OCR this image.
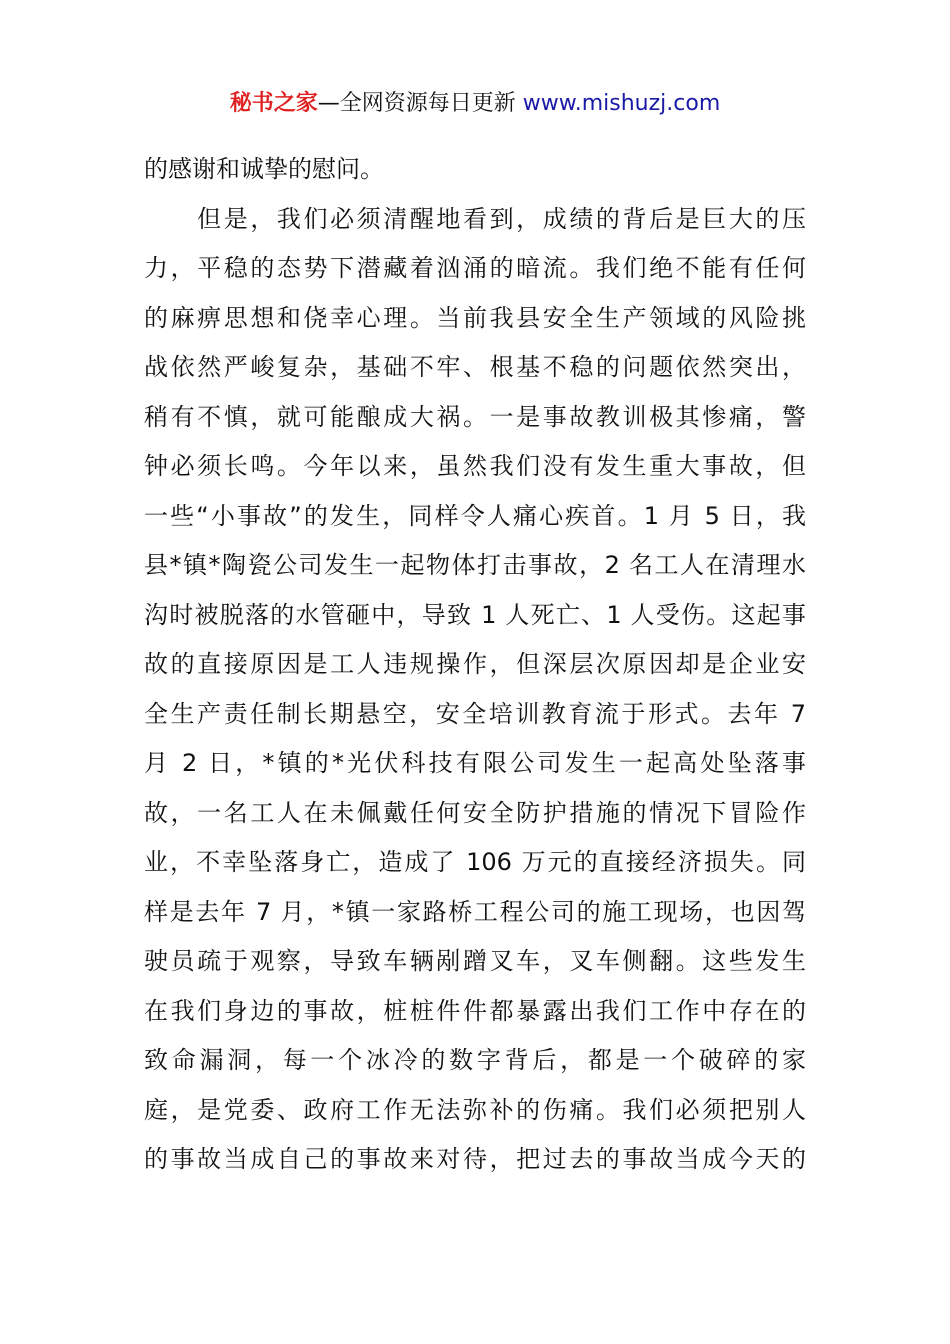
秘书之家—全网资源每日更新 www.mishuzj.com
的感谢和诚挚的慰问。
　　但是，我们必须清醒地看到，成绩的背后是巨大的压
力，平稳的态势下潜藏着汹涌的暗流。我们绝不能有任何
的麻痹思想和侥幸心理。当前我县安全生产领域的风险挑
战依然严峻复杂，基础不牢、根基不稳的问题依然突出，
稍有不慎，就可能酿成大祸。一是事故教训极其惨痛，警
钟必须长鸣。今年以来，虽然我们没有发生重大事故，但
一些“小事故”的发生，同样令人痛心疾首。1 月 5 日，我
县*镇*陶瓷公司发生一起物体打击事故，2 名工人在清理水
沟时被脱落的水管砸中，导致 1 人死亡、1 人受伤。这起事
故的直接原因是工人违规操作，但深层次原因却是企业安
全生产责任制长期悬空，安全培训教育流于形式。去年 7
月 2 日，*镇的*光伏科技有限公司发生一起高处坠落事
故，一名工人在未佩戴任何安全防护措施的情况下冒险作
业，不幸坠落身亡，造成了 106 万元的直接经济损失。同
样是去年 7 月，*镇一家路桥工程公司的施工现场，也因驾
驶员疏于观察，导致车辆剐蹭叉车，叉车侧翻。这些发生
在我们身边的事故，桩桩件件都暴露出我们工作中存在的
致命漏洞，每一个冰冷的数字背后，都是一个破碎的家
庭，是党委、政府工作无法弥补的伤痛。我们必须把别人
的事故当成自己的事故来对待，把过去的事故当成今天的
